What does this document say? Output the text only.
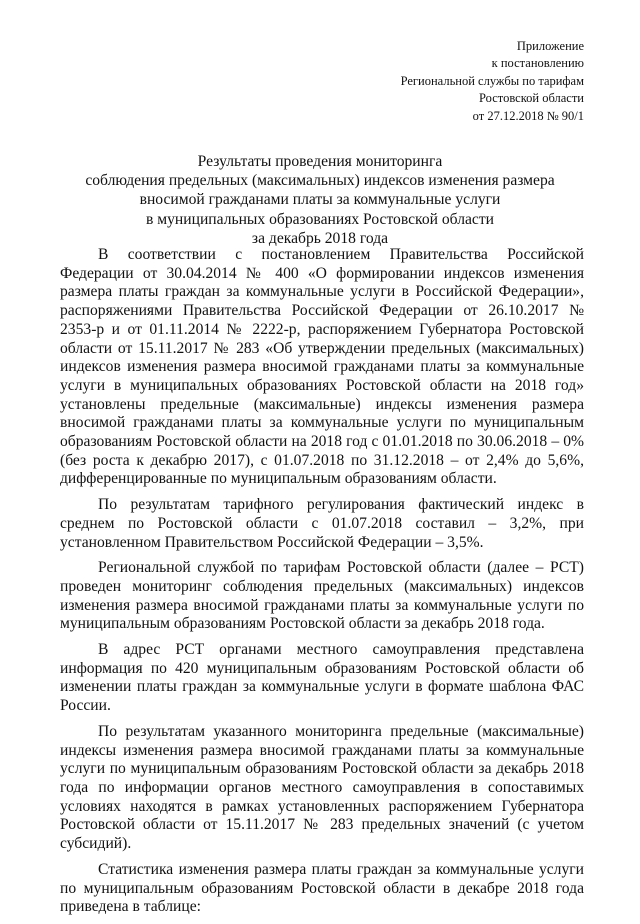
Приложение
к постановлению
Региональной службы по тарифам
Ростовской области
от 27.12.2018 № 90/1
Результаты проведения мониторинга
соблюдения предельных (максимальных) индексов изменения размера
вносимой гражданами платы за коммунальные услуги
в муниципальных образованиях Ростовской области
за декабрь 2018 года

В соответствии с постановлением Правительства Российской Федерации от 30.04.2014 № 400 «О формировании индексов изменения размера платы граждан за коммунальные услуги в Российской Федерации», распоряжениями Правительства Российской Федерации от 26.10.2017 № 2353-р и от 01.11.2014 № 2222-р, распоряжением Губернатора Ростовской области от 15.11.2017 № 283 «Об утверждении предельных (максимальных) индексов изменения размера вносимой гражданами платы за коммунальные услуги в муниципальных образованиях Ростовской области на 2018 год» установлены предельные (максимальные) индексы изменения размера вносимой гражданами платы за коммунальные услуги по муниципальным образованиям Ростовской области на 2018 год с 01.01.2018 по 30.06.2018 – 0% (без роста к декабрю 2017), с 01.07.2018 по 31.12.2018 – от 2,4% до 5,6%, дифференцированные по муниципальным образованиям области.

По результатам тарифного регулирования фактический индекс в среднем по Ростовской области с 01.07.2018 составил – 3,2%, при установленном Правительством Российской Федерации – 3,5%.

Региональной службой по тарифам Ростовской области (далее – РСТ) проведен мониторинг соблюдения предельных (максимальных) индексов изменения размера вносимой гражданами платы за коммунальные услуги по муниципальным образованиям Ростовской области за декабрь 2018 года.

В адрес РСТ органами местного самоуправления представлена информация по 420 муниципальным образованиям Ростовской области об изменении платы граждан за коммунальные услуги в формате шаблона ФАС России.

По результатам указанного мониторинга предельные (максимальные) индексы изменения размера вносимой гражданами платы за коммунальные услуги по муниципальным образованиям Ростовской области за декабрь 2018 года по информации органов местного самоуправления в сопоставимых условиях находятся в рамках установленных распоряжением Губернатора Ростовской области от 15.11.2017 № 283 предельных значений (с учетом субсидий).

Статистика изменения размера платы граждан за коммунальные услуги по муниципальным образованиям Ростовской области в декабре 2018 года приведена в таблице:
